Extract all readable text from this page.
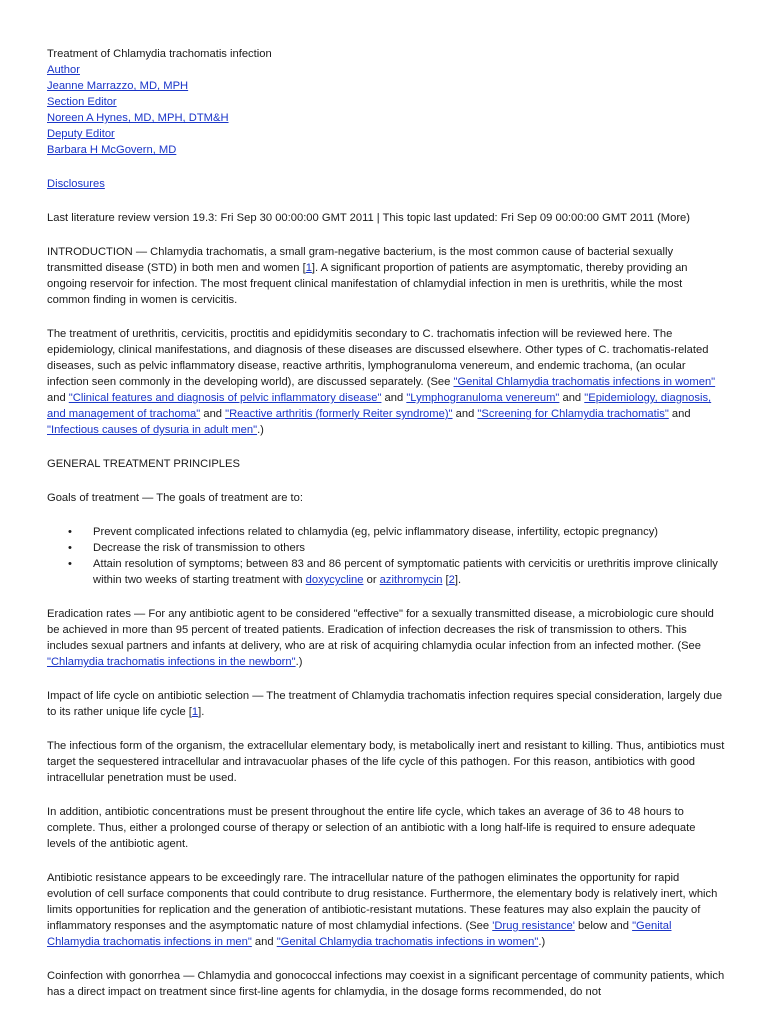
Treatment of Chlamydia trachomatis infection

Author

Jeanne Marrazzo, MD, MPH

Section Editor

Noreen A Hynes, MD, MPH, DTM&H

Deputy Editor

Barbara H McGovern, MD

Disclosures

Last literature review version 19.3: Fri Sep 30 00:00:00 GMT 2011 | This topic last updated: Fri Sep 09 00:00:00 GMT 2011 (More)

INTRODUCTION — Chlamydia trachomatis, a small gram-negative bacterium, is the most common cause of bacterial sexually transmitted disease (STD) in both men and women [1]. A significant proportion of patients are asymptomatic, thereby providing an ongoing reservoir for infection. The most frequent clinical manifestation of chlamydial infection in men is urethritis, while the most common finding in women is cervicitis.

The treatment of urethritis, cervicitis, proctitis and epididymitis secondary to C. trachomatis infection will be reviewed here. The epidemiology, clinical manifestations, and diagnosis of these diseases are discussed elsewhere. Other types of C. trachomatis-related diseases, such as pelvic inflammatory disease, reactive arthritis, lymphogranuloma venereum, and endemic trachoma, (an ocular infection seen commonly in the developing world), are discussed separately. (See "Genital Chlamydia trachomatis infections in women" and "Clinical features and diagnosis of pelvic inflammatory disease" and "Lymphogranuloma venereum" and "Epidemiology, diagnosis, and management of trachoma" and "Reactive arthritis (formerly Reiter syndrome)" and "Screening for Chlamydia trachomatis" and "Infectious causes of dysuria in adult men".)

GENERAL TREATMENT PRINCIPLES

Goals of treatment — The goals of treatment are to:

• Prevent complicated infections related to chlamydia (eg, pelvic inflammatory disease, infertility, ectopic pregnancy)
• Decrease the risk of transmission to others
• Attain resolution of symptoms; between 83 and 86 percent of symptomatic patients with cervicitis or urethritis improve clinically within two weeks of starting treatment with doxycycline or azithromycin [2].

Eradication rates — For any antibiotic agent to be considered "effective" for a sexually transmitted disease, a microbiologic cure should be achieved in more than 95 percent of treated patients. Eradication of infection decreases the risk of transmission to others. This includes sexual partners and infants at delivery, who are at risk of acquiring chlamydia ocular infection from an infected mother. (See "Chlamydia trachomatis infections in the newborn".)

Impact of life cycle on antibiotic selection — The treatment of Chlamydia trachomatis infection requires special consideration, largely due to its rather unique life cycle [1].

The infectious form of the organism, the extracellular elementary body, is metabolically inert and resistant to killing. Thus, antibiotics must target the sequestered intracellular and intravacuolar phases of the life cycle of this pathogen. For this reason, antibiotics with good intracellular penetration must be used.

In addition, antibiotic concentrations must be present throughout the entire life cycle, which takes an average of 36 to 48 hours to complete. Thus, either a prolonged course of therapy or selection of an antibiotic with a long half-life is required to ensure adequate levels of the antibiotic agent.

Antibiotic resistance appears to be exceedingly rare. The intracellular nature of the pathogen eliminates the opportunity for rapid evolution of cell surface components that could contribute to drug resistance. Furthermore, the elementary body is relatively inert, which limits opportunities for replication and the generation of antibiotic-resistant mutations. These features may also explain the paucity of inflammatory responses and the asymptomatic nature of most chlamydial infections. (See 'Drug resistance' below and "Genital Chlamydia trachomatis infections in men" and "Genital Chlamydia trachomatis infections in women".)

Coinfection with gonorrhea — Chlamydia and gonococcal infections may coexist in a significant percentage of community patients, which has a direct impact on treatment since first-line agents for chlamydia, in the dosage forms recommended, do not
